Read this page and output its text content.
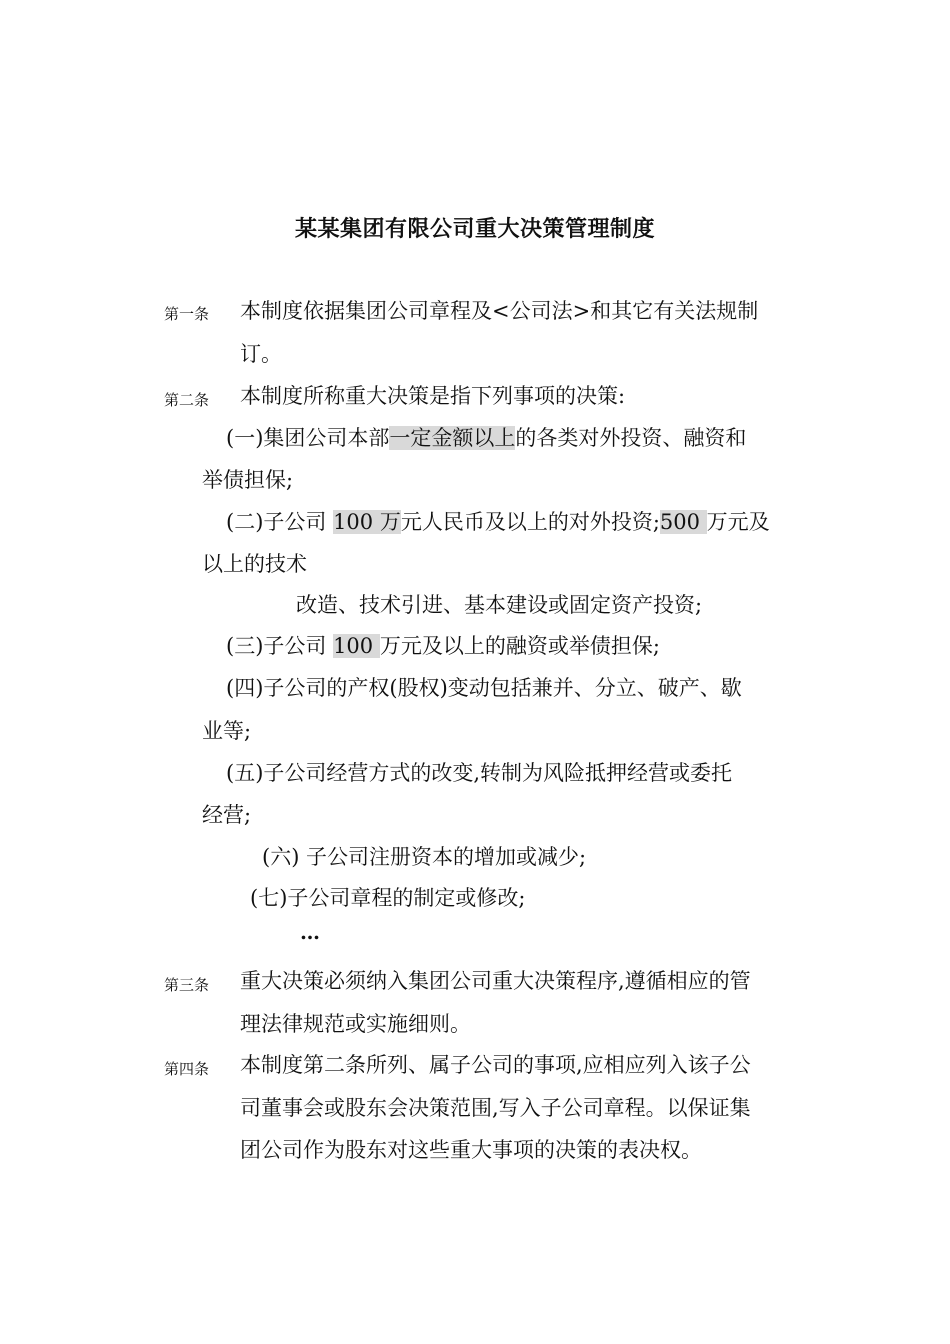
某某集团有限公司重大决策管理制度
第一条 本制度依据集团公司章程及<公司法>和其它有关法规制
订。
第二条 本制度所称重大决策是指下列事项的决策:
(一)集团公司本部一定金额以上的各类对外投资、融资和
举债担保;
(二)子公司 100 万元人民币及以上的对外投资;500 万元及
以上的技术
改造、技术引进、基本建设或固定资产投资;
(三)子公司 100 万元及以上的融资或举债担保;
(四)子公司的产权(股权)变动包括兼并、分立、破产、歇
业等;
(五)子公司经营方式的改变,转制为风险抵押经营或委托
经营;
(六) 子公司注册资本的增加或减少;
(七)子公司章程的制定或修改;
…
第三条 重大决策必须纳入集团公司重大决策程序,遵循相应的管
理法律规范或实施细则。
第四条 本制度第二条所列、属子公司的事项,应相应列入该子公
司董事会或股东会决策范围,写入子公司章程。以保证集
团公司作为股东对这些重大事项的决策的表决权。
